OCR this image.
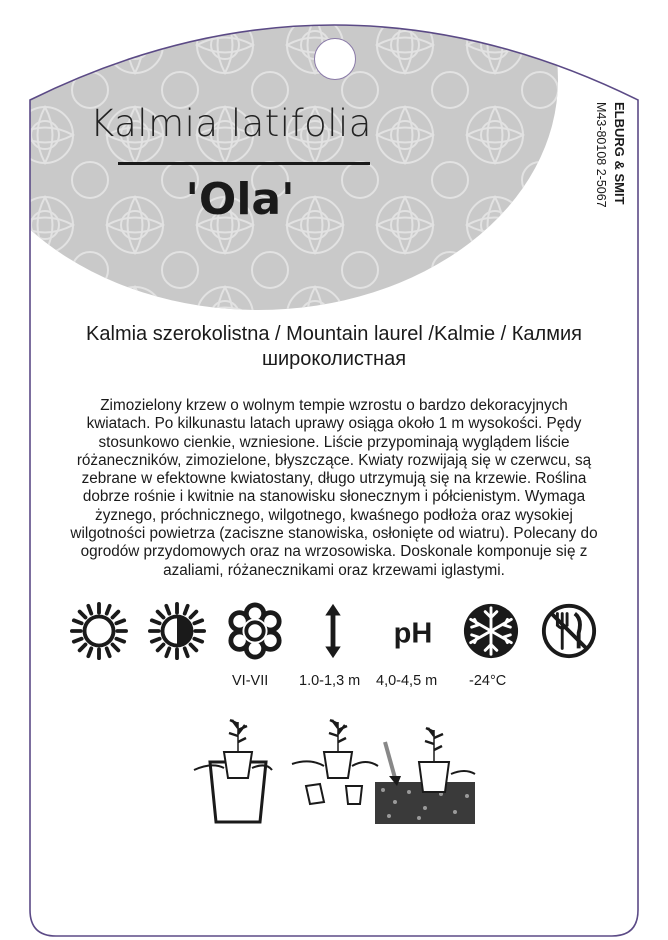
Kalmia latifolia
'Ola'	ELBURG & SMIT
M43-80108 2-5067
Kalmia szerokolistna / Mountain laurel /Kalmie / Калмия широколистная
Zimozielony krzew o wolnym tempie wzrostu o bardzo dekoracyjnych kwiatach. Po kilkunastu latach uprawy osiąga około 1 m wysokości. Pędy stosunkowo cienkie, wzniesione. Liście przypominają wyglądem liście różaneczników, zimozielone, błyszczące. Kwiaty rozwijają się w czerwcu, są zebrane w efektowne kwiatostany, długo utrzymują się na krzewie. Roślina dobrze rośnie i kwitnie na stanowisku słonecznym i półcienistym. Wymaga żyznego, próchnicznego, wilgotnego, kwaśnego podłoża oraz wysokiej wilgotności powietrza (zaciszne stanowiska, osłonięte od wiatru). Polecany do ogrodów przydomowych oraz na wrzosowiska. Doskonale komponuje się z azaliami, różanecznikami oraz krzewami iglastymi.
pH
VI-VII 1.0-1,3 m 4,0-4,5 m -24°C
